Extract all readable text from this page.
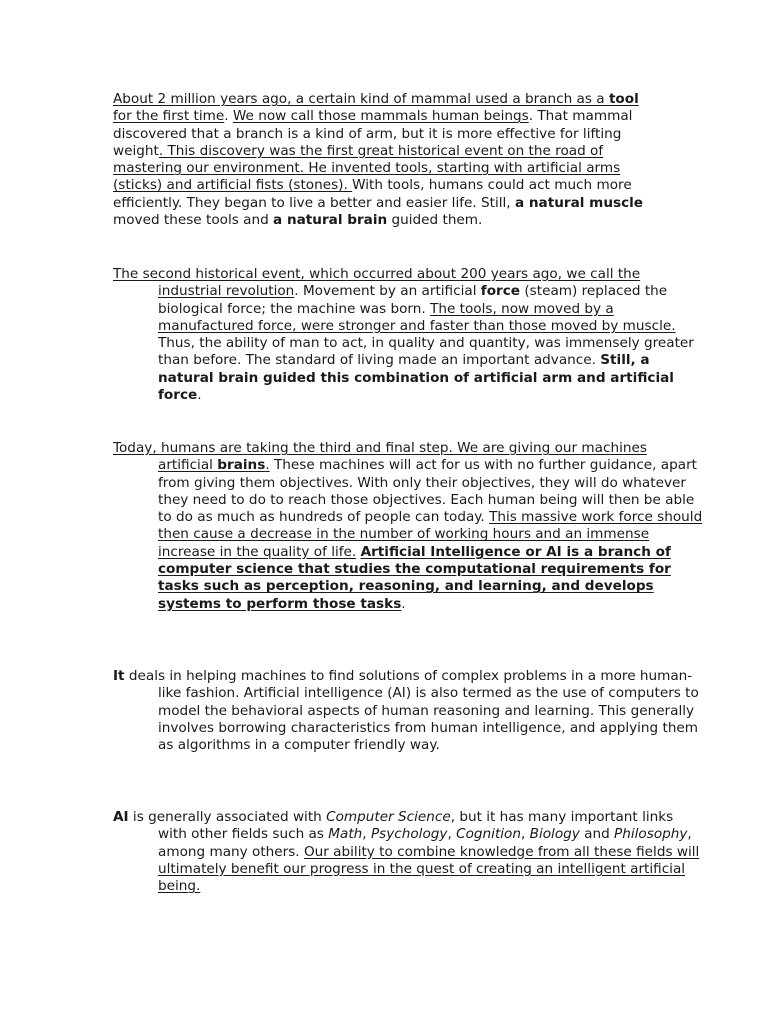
About 2 million years ago, a certain kind of mammal used a branch as a tool for the first time. We now call those mammals human beings. That mammal discovered that a branch is a kind of arm, but it is more effective for lifting weight. This discovery was the first great historical event on the road of mastering our environment. He invented tools, starting with artificial arms (sticks) and artificial fists (stones). With tools, humans could act much more efficiently. They began to live a better and easier life. Still, a natural muscle moved these tools and a natural brain guided them.

The second historical event, which occurred about 200 years ago, we call the industrial revolution. Movement by an artificial force (steam) replaced the biological force; the machine was born. The tools, now moved by a manufactured force, were stronger and faster than those moved by muscle. Thus, the ability of man to act, in quality and quantity, was immensely greater than before. The standard of living made an important advance. Still, a natural brain guided this combination of artificial arm and artificial force.

Today, humans are taking the third and final step. We are giving our machines artificial brains. These machines will act for us with no further guidance, apart from giving them objectives. With only their objectives, they will do whatever they need to do to reach those objectives. Each human being will then be able to do as much as hundreds of people can today. This massive work force should then cause a decrease in the number of working hours and an immense increase in the quality of life. Artificial Intelligence or AI is a branch of computer science that studies the computational requirements for tasks such as perception, reasoning, and learning, and develops systems to perform those tasks.

It deals in helping machines to find solutions of complex problems in a more human-like fashion. Artificial intelligence (AI) is also termed as the use of computers to model the behavioral aspects of human reasoning and learning. This generally involves borrowing characteristics from human intelligence, and applying them as algorithms in a computer friendly way.

AI is generally associated with Computer Science, but it has many important links with other fields such as Math, Psychology, Cognition, Biology and Philosophy, among many others. Our ability to combine knowledge from all these fields will ultimately benefit our progress in the quest of creating an intelligent artificial being.
